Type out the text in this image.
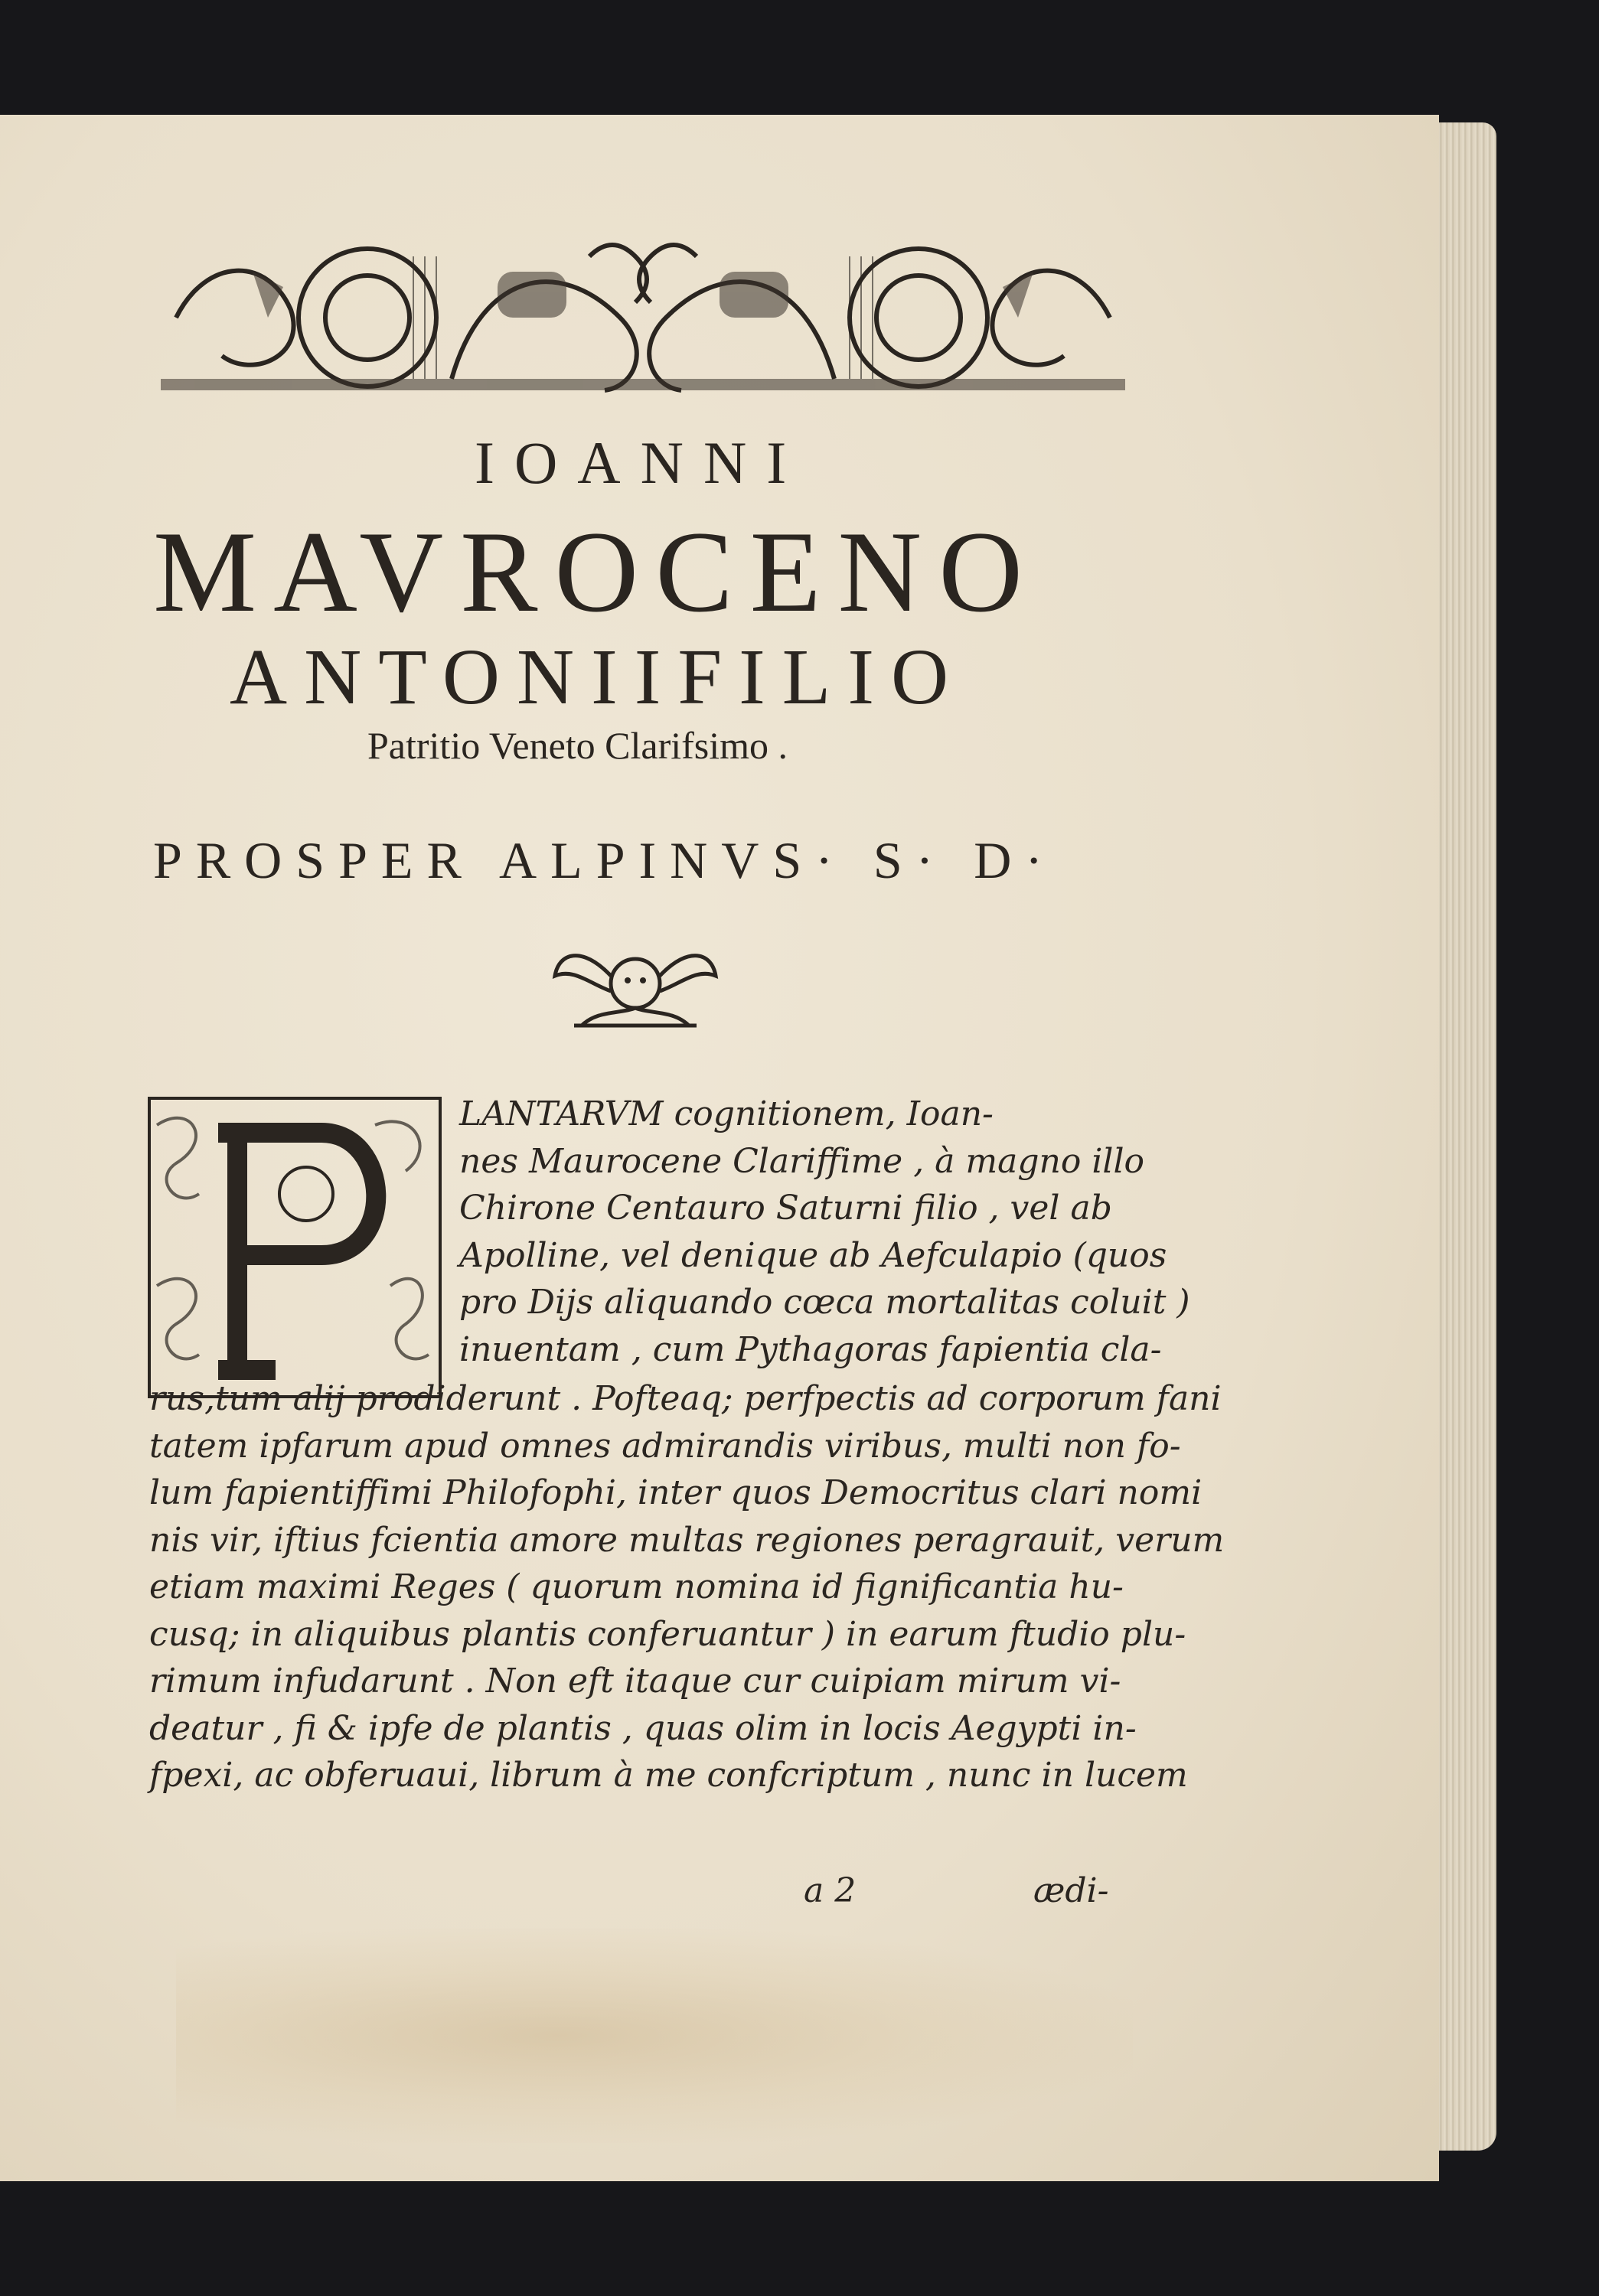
IOANNI
MAVROCENO
ANTONIIFILIO
Patritio Veneto Clarifsimo .
PROSPER ALPINVS· S· D·
LANTARVM cognitionem, Ioan-
nes Maurocene Clariffime , à magno illo
Chirone Centauro Saturni filio , vel ab
Apolline, vel denique ab Aefculapio (quos
pro Dijs aliquando cœca mortalitas coluit )
inuentam , cum Pythagoras fapientia cla-
rus,tum alij prodiderunt . Pofteaq; perfpectis ad corporum fani
tatem ipfarum apud omnes admirandis viribus, multi non fo-
lum fapientiffimi Philofophi, inter quos Democritus clari nomi
nis vir, iftius fcientia amore multas regiones peragrauit, verum
etiam maximi Reges ( quorum nomina id fignificantia hu-
cusq; in aliquibus plantis conferuantur ) in earum ftudio plu-
rimum infudarunt . Non eft itaque cur cuipiam mirum vi-
deatur , fi & ipfe de plantis , quas olim in locis Aegypti in-
fpexi, ac obferuaui, librum à me confcriptum , nunc in lucem
a 2	ædi-
